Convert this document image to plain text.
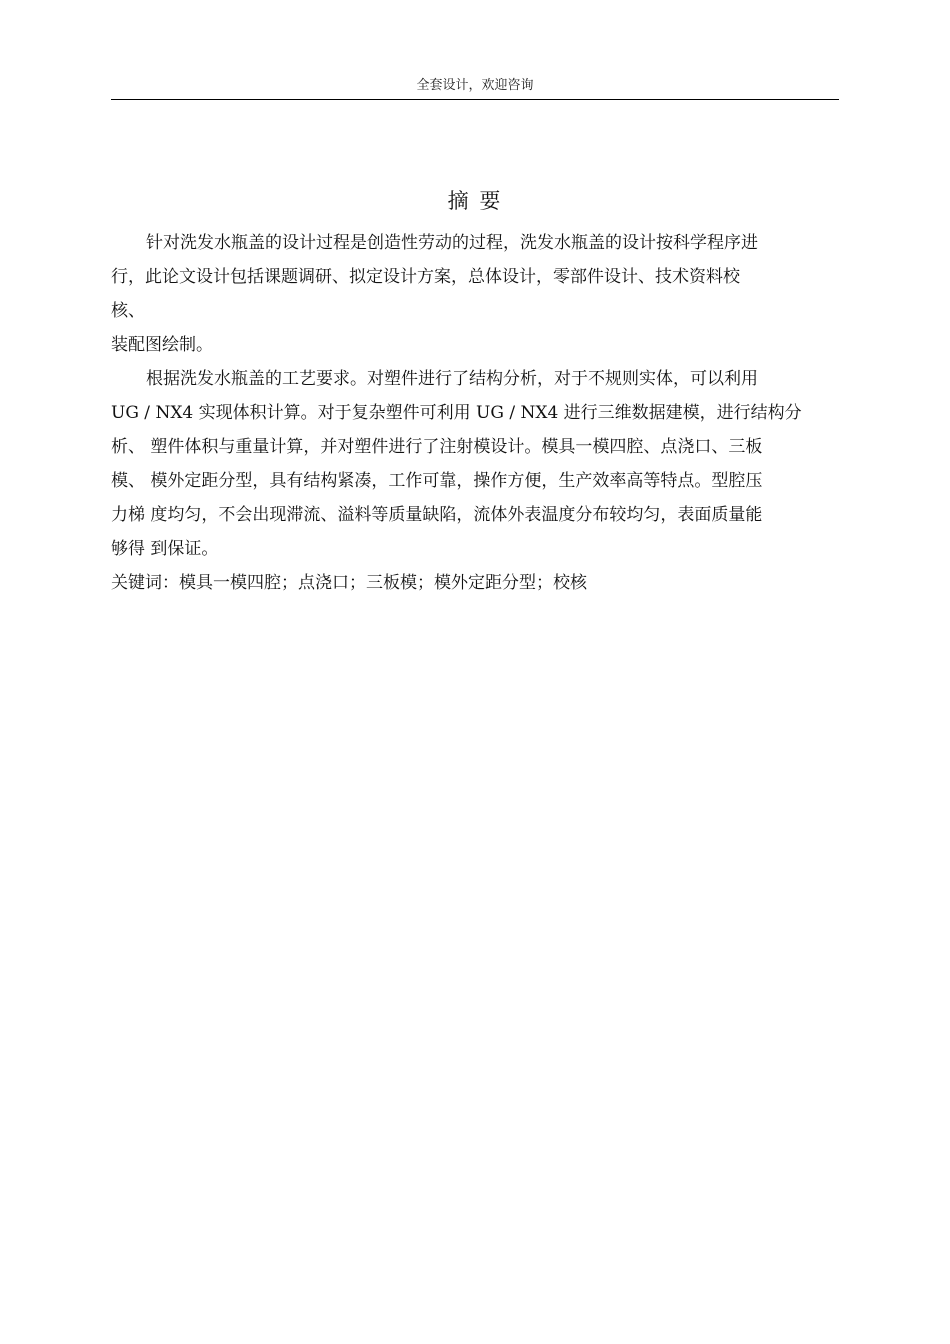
全套设计，欢迎咨询
摘 要

针对洗发水瓶盖的设计过程是创造性劳动的过程，洗发水瓶盖的设计按科学程序进

行，此论文设计包括课题调研、拟定设计方案，总体设计，零部件设计、技术资料校

核、

装配图绘制。

根据洗发水瓶盖的工艺要求。对塑件进行了结构分析，对于不规则实体，可以利用

UG / NX4 实现体积计算。对于复杂塑件可利用 UG / NX4 进行三维数据建模，进行结构分

析、 塑件体积与重量计算，并对塑件进行了注射模设计。模具一模四腔、点浇口、三板

模、 模外定距分型，具有结构紧凑，工作可靠，操作方便，生产效率高等特点。型腔压

力梯 度均匀，不会出现滞流、溢料等质量缺陷，流体外表温度分布较均匀，表面质量能

够得 到保证。

关键词：模具一模四腔；点浇口；三板模；模外定距分型；校核
